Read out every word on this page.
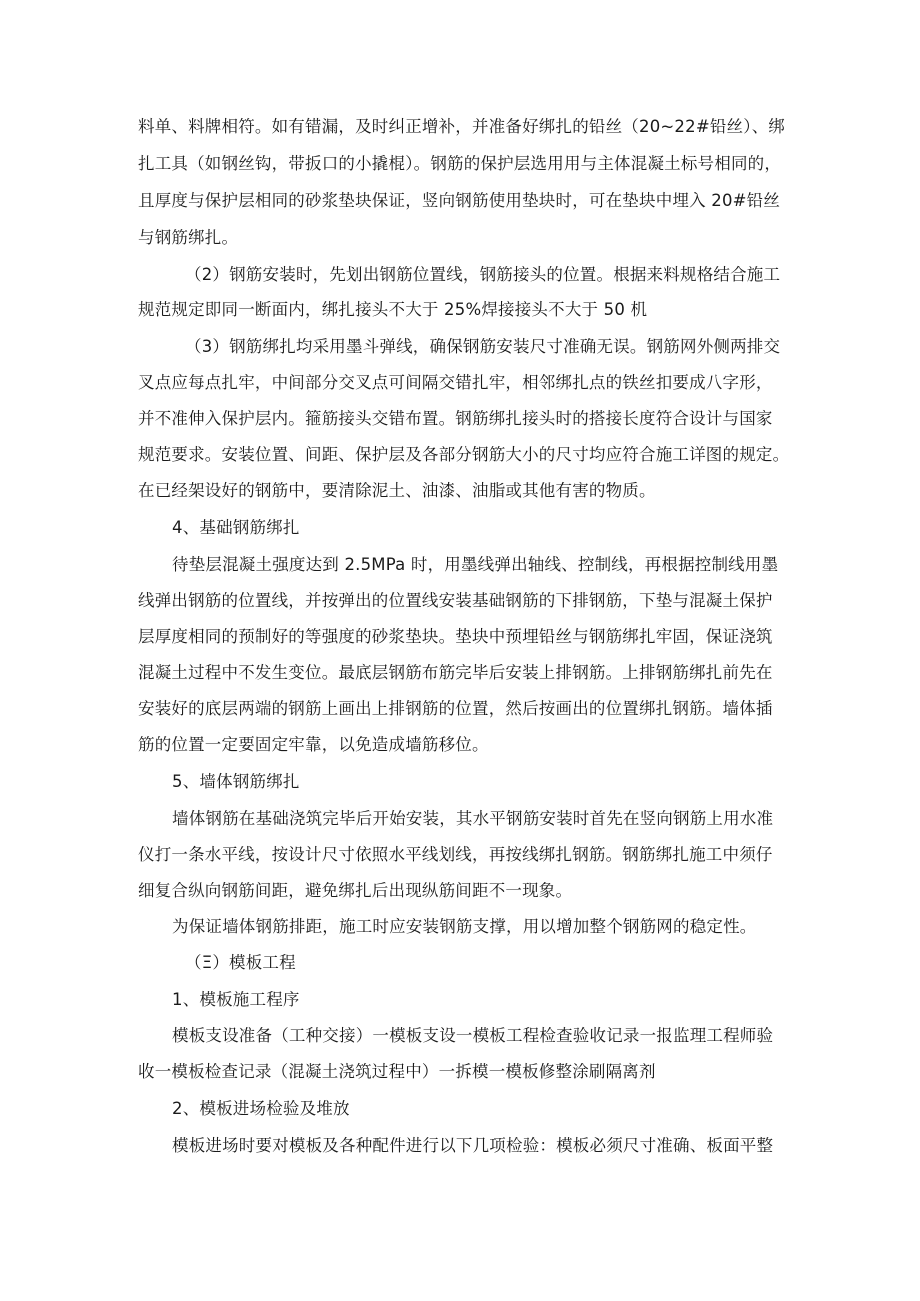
料单、料牌相符。如有错漏，及时纠正增补，并准备好绑扎的铅丝（20~22#铅丝）、绑
扎工具（如钢丝钩，带扳口的小撬棍）。钢筋的保护层选用用与主体混凝土标号相同的，
且厚度与保护层相同的砂浆垫块保证，竖向钢筋使用垫块时，可在垫块中埋入 20#铅丝
与钢筋绑扎。
（2）钢筋安装时，先划出钢筋位置线，钢筋接头的位置。根据来料规格结合施工
规范规定即同一断面内，绑扎接头不大于 25%焊接接头不大于 50 机
（3）钢筋绑扎均采用墨斗弹线，确保钢筋安装尺寸准确无误。钢筋网外侧两排交
叉点应每点扎牢，中间部分交叉点可间隔交错扎牢，相邻绑扎点的铁丝扣要成八字形，
并不准伸入保护层内。箍筋接头交错布置。钢筋绑扎接头时的搭接长度符合设计与国家
规范要求。安装位置、间距、保护层及各部分钢筋大小的尺寸均应符合施工详图的规定。
在已经架设好的钢筋中，要清除泥土、油漆、油脂或其他有害的物质。
4、基础钢筋绑扎
待垫层混凝土强度达到 2.5MPa 时，用墨线弹出轴线、控制线，再根据控制线用墨
线弹出钢筋的位置线，并按弹出的位置线安装基础钢筋的下排钢筋，下垫与混凝土保护
层厚度相同的预制好的等强度的砂浆垫块。垫块中预埋铅丝与钢筋绑扎牢固，保证浇筑
混凝土过程中不发生变位。最底层钢筋布筋完毕后安装上排钢筋。上排钢筋绑扎前先在
安装好的底层两端的钢筋上画出上排钢筋的位置，然后按画出的位置绑扎钢筋。墙体插
筋的位置一定要固定牢靠，以免造成墙筋移位。
5、墙体钢筋绑扎
墙体钢筋在基础浇筑完毕后开始安装，其水平钢筋安装时首先在竖向钢筋上用水准
仪打一条水平线，按设计尺寸依照水平线划线，再按线绑扎钢筋。钢筋绑扎施工中须仔
细复合纵向钢筋间距，避免绑扎后出现纵筋间距不一现象。
为保证墙体钢筋排距，施工时应安装钢筋支撑，用以增加整个钢筋网的稳定性。
（Ξ）模板工程
1、模板施工程序
模板支设准备（工种交接）一模板支设一模板工程检查验收记录一报监理工程师验
收一模板检查记录（混凝土浇筑过程中）一拆模一模板修整涂刷隔离剂
2、模板进场检验及堆放
模板进场时要对模板及各种配件进行以下几项检验：模板必须尺寸准确、板面平整
